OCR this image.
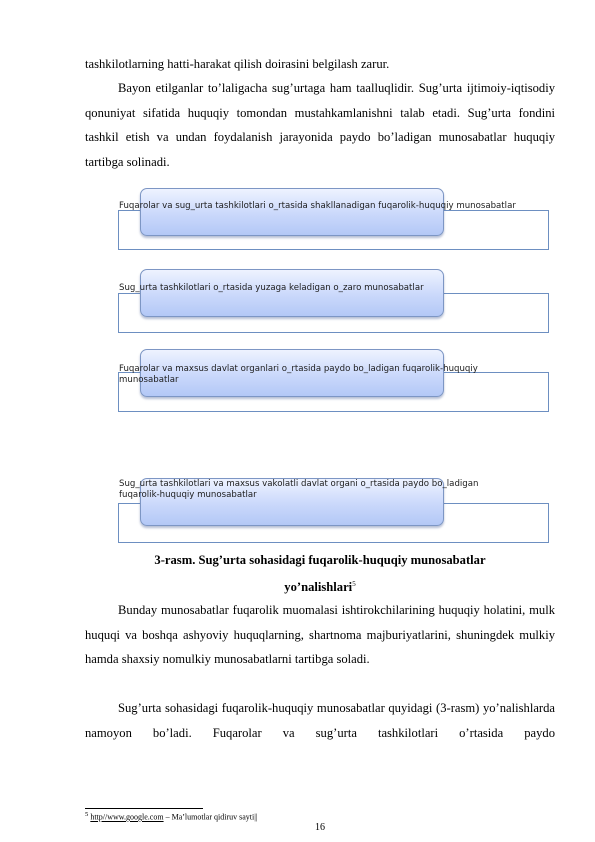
tashkilotlarning hatti-harakat qilish doirasini belgilash zarur.
Bayon etilganlar to’laligacha sug’urtaga ham taalluqlidir. Sug’urta ijtimoiy-iqtisodiy qonuniyat sifatida huquqiy tomondan mustahkamlanishni talab etadi. Sug’urta fondini tashkil etish va undan foydalanish jarayonida paydo bo’ladigan munosabatlar huquqiy tartibga solinadi.
Fuqarolar va sug_urta tashkilotlari o_rtasida shakllanadigan fuqarolik-huquqiy munosabatlar
Sug_urta tashkilotlari o_rtasida yuzaga keladigan o_zaro munosabatlar
Fuqarolar va maxsus davlat organlari o_rtasida paydo bo_ladigan fuqarolik-huquqiy munosabatlar
Sug_urta tashkilotlari va maxsus vakolatli davlat organi o_rtasida paydo bo_ladigan fuqarolik-huquqiy munosabatlar
3-rasm. Sug’urta sohasidagi fuqarolik-huquqiy munosabatlar
yo’nalishlari$^5$
Bunday munosabatlar fuqarolik muomalasi ishtirokchilarining huquqiy holatini, mulk huquqi va boshqa ashyoviy huquqlarning, shartnoma majburiyatlarini, shuningdek mulkiy hamda shaxsiy nomulkiy munosabatlarni tartibga soladi.
Sug’urta sohasidagi fuqarolik-huquqiy munosabatlar quyidagi (3-rasm) yo’nalishlarda namoyon bo’ladi. Fuqarolar va sug’urta tashkilotlari o’rtasida paydo
$^5$ http//www.google.com – Ma’lumotlar qidiruv sayti||
16
